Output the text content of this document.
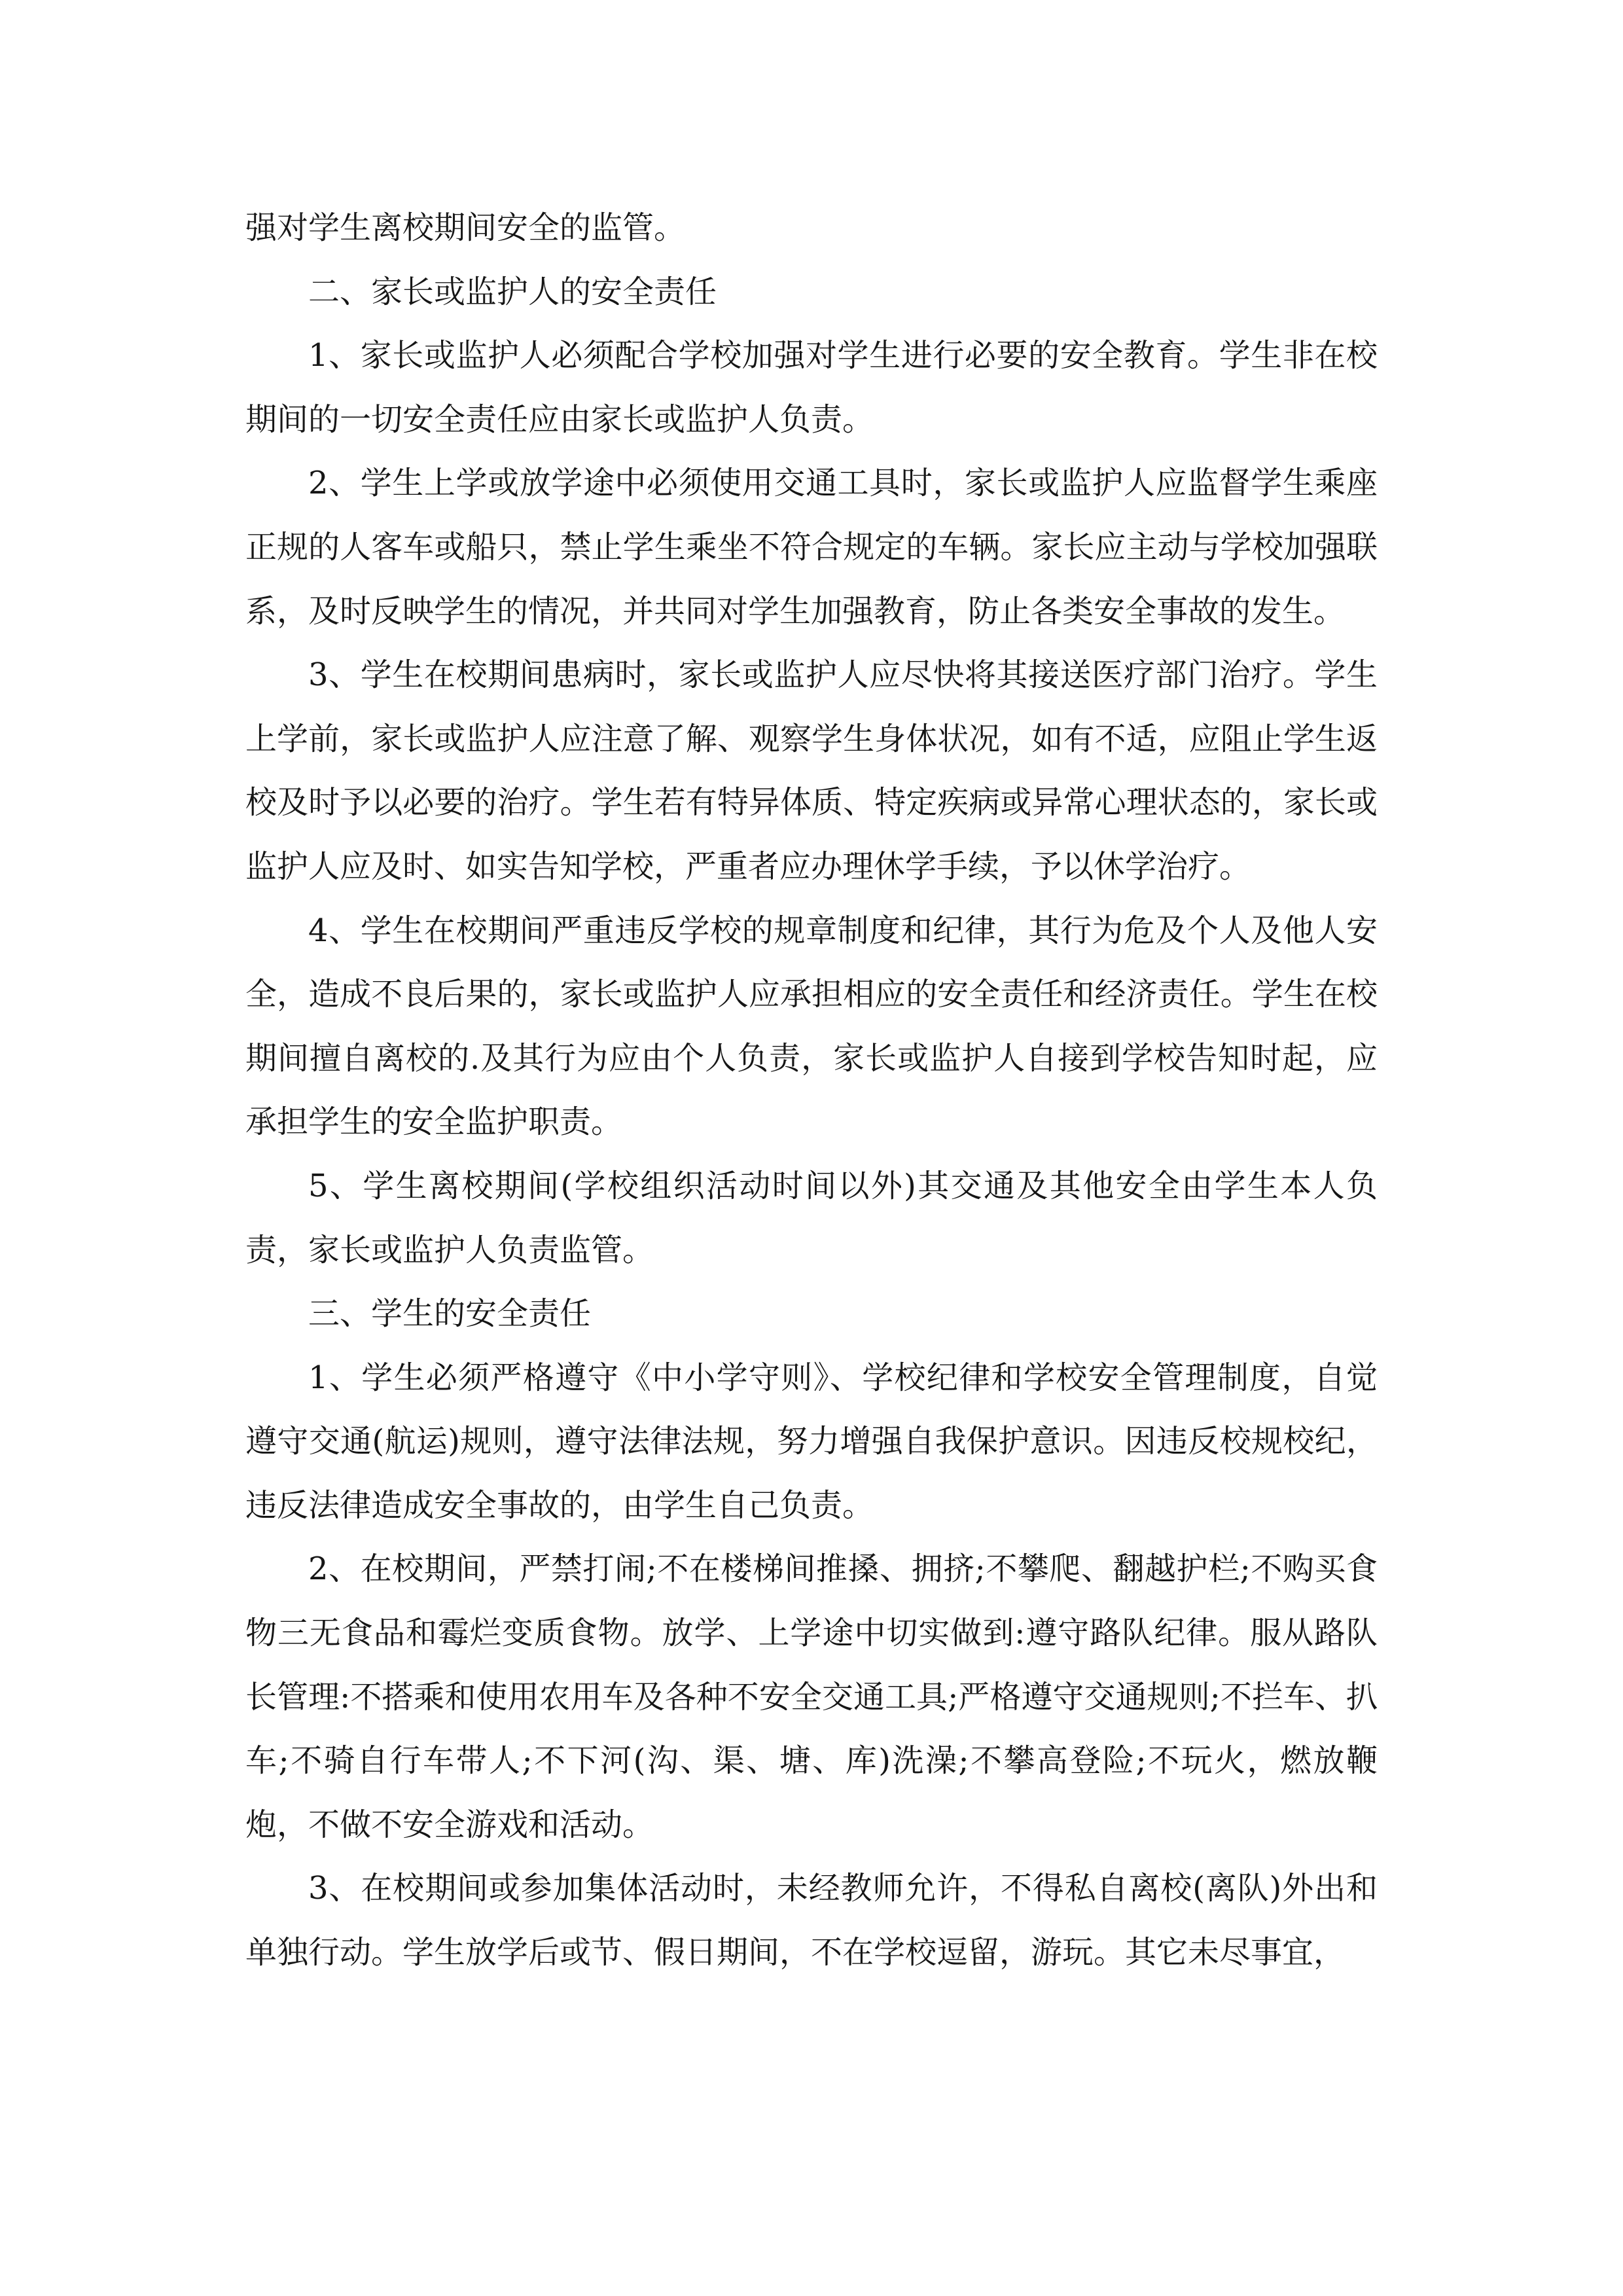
强对学生离校期间安全的监管。

二、家长或监护人的安全责任

1、家长或监护人必须配合学校加强对学生进行必要的安全教育。学生非在校期间的一切安全责任应由家长或监护人负责。

2、学生上学或放学途中必须使用交通工具时，家长或监护人应监督学生乘座正规的人客车或船只，禁止学生乘坐不符合规定的车辆。家长应主动与学校加强联系，及时反映学生的情况，并共同对学生加强教育，防止各类安全事故的发生。

3、学生在校期间患病时，家长或监护人应尽快将其接送医疗部门治疗。学生上学前，家长或监护人应注意了解、观察学生身体状况，如有不适，应阻止学生返校及时予以必要的治疗。学生若有特异体质、特定疾病或异常心理状态的，家长或监护人应及时、如实告知学校，严重者应办理休学手续，予以休学治疗。

4、学生在校期间严重违反学校的规章制度和纪律，其行为危及个人及他人安全，造成不良后果的，家长或监护人应承担相应的安全责任和经济责任。学生在校期间擅自离校的.及其行为应由个人负责，家长或监护人自接到学校告知时起，应承担学生的安全监护职责。

5、学生离校期间(学校组织活动时间以外)其交通及其他安全由学生本人负责，家长或监护人负责监管。

三、学生的安全责任

1、学生必须严格遵守《中小学守则》、学校纪律和学校安全管理制度，自觉遵守交通(航运)规则，遵守法律法规，努力增强自我保护意识。因违反校规校纪，违反法律造成安全事故的，由学生自己负责。

2、在校期间，严禁打闹;不在楼梯间推搡、拥挤;不攀爬、翻越护栏;不购买食物三无食品和霉烂变质食物。放学、上学途中切实做到:遵守路队纪律。服从路队长管理:不搭乘和使用农用车及各种不安全交通工具;严格遵守交通规则;不拦车、扒车;不骑自行车带人;不下河(沟、渠、塘、库)洗澡;不攀高登险;不玩火，燃放鞭炮，不做不安全游戏和活动。

3、在校期间或参加集体活动时，未经教师允许，不得私自离校(离队)外出和单独行动。学生放学后或节、假日期间，不在学校逗留，游玩。其它未尽事宜，
